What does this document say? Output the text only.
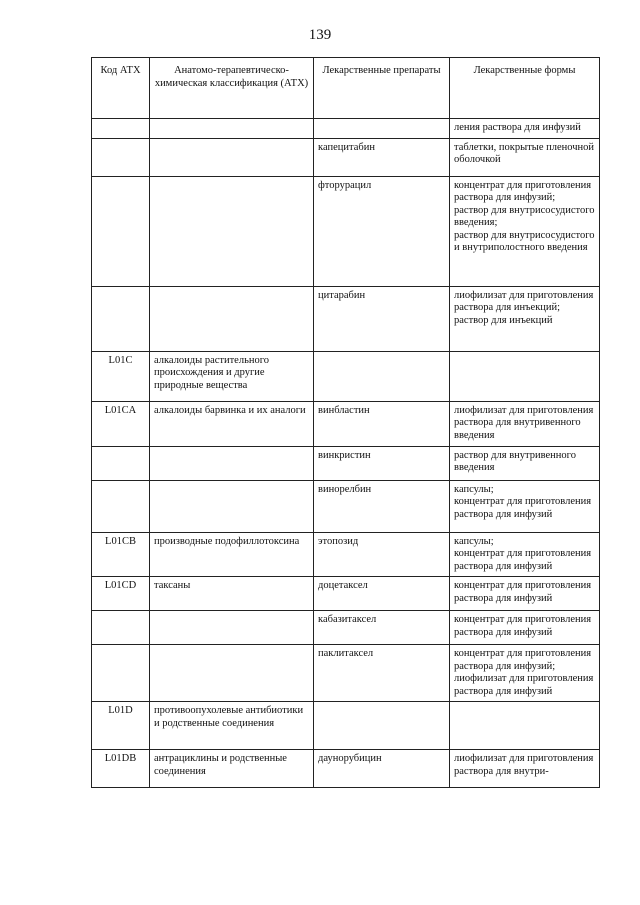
139
Код АТХ	Анатомо-терапевтическо-химическая классификация (АТХ)	Лекарственные препараты	Лекарственные формы

			ления раствора для инфузий

		капецитабин	таблетки, покрытые пленочной оболочкой

		фторурацил	концентрат для приготовления раствора для инфузий;
раствор для внутрисосудистого введения;
раствор для внутрисосудистого и внутриполостного введения

		цитарабин	лиофилизат для приготовления раствора для инъекций;
раствор для инъекций

L01C	алкалоиды растительного происхождения и другие природные вещества		
L01CA	алкалоиды барвинка и их аналоги	винбластин	лиофилизат для приготовления раствора для внутривенного введения

		винкристин	раствор для внутривенного введения

		винорелбин	капсулы;
концентрат для приготовления раствора для инфузий

L01CB	производные подофиллотоксина	этопозид	капсулы;
концентрат для приготовления раствора для инфузий

L01CD	таксаны	доцетаксел	концентрат для приготовления раствора для инфузий

		кабазитаксел	концентрат для приготовления раствора для инфузий

		паклитаксел	концентрат для приготовления раствора для инфузий;
лиофилизат для приготовления раствора для инфузий

L01D	противоопухолевые антибиотики и родственные соединения		
L01DB	антрациклины и родственные соединения	даунорубицин	лиофилизат для приготовления раствора для внутри-
